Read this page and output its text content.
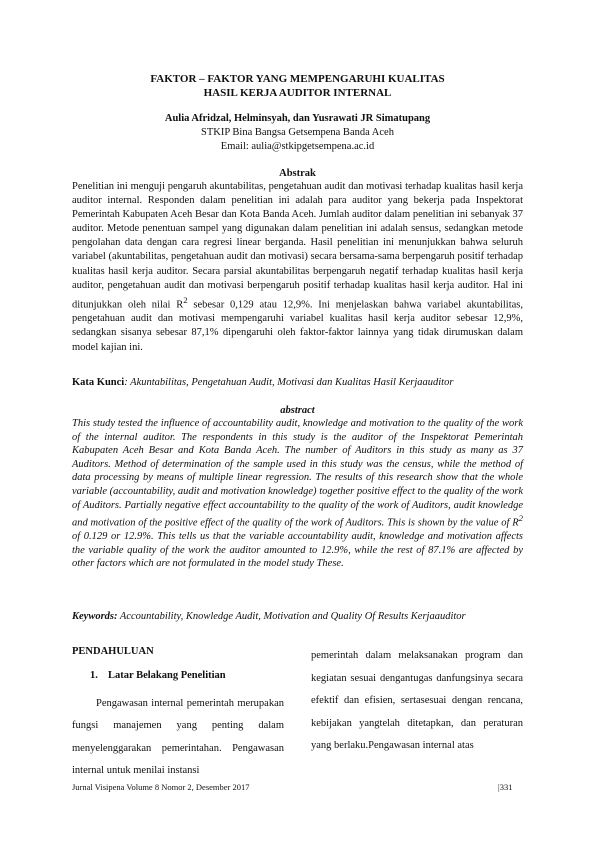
FAKTOR – FAKTOR YANG MEMPENGARUHI KUALITAS
HASIL KERJA AUDITOR INTERNAL
Aulia Afridzal, Helminsyah, dan Yusrawati JR Simatupang
STKIP Bina Bangsa Getsempena Banda Aceh
Email: aulia@stkipgetsempena.ac.id
Abstrak
Penelitian ini menguji pengaruh akuntabilitas, pengetahuan audit dan motivasi terhadap kualitas hasil kerja auditor internal. Responden dalam penelitian ini adalah para auditor yang bekerja pada Inspektorat Pemerintah Kabupaten Aceh Besar dan Kota Banda Aceh. Jumlah auditor dalam penelitian ini sebanyak 37 auditor. Metode penentuan sampel yang digunakan dalam penelitian ini adalah sensus, sedangkan metode pengolahan data dengan cara regresi linear berganda. Hasil penelitian ini menunjukkan bahwa seluruh variabel (akuntabilitas, pengetahuan audit dan motivasi) secara bersama-sama berpengaruh positif terhadap kualitas hasil kerja auditor. Secara parsial akuntabilitas berpengaruh negatif terhadap kualitas hasil kerja auditor, pengetahuan audit dan motivasi berpengaruh positif terhadap kualitas hasil kerja auditor. Hal ini ditunjukkan oleh nilai $R^2$ sebesar 0,129 atau 12,9%. Ini menjelaskan bahwa variabel akuntabilitas, pengetahuan audit dan motivasi mempengaruhi variabel kualitas hasil kerja auditor sebesar 12,9%, sedangkan sisanya sebesar 87,1% dipengaruhi oleh faktor-faktor lainnya yang tidak dirumuskan dalam model kajian ini.
Kata Kunci: Akuntabilitas, Pengetahuan Audit, Motivasi dan Kualitas Hasil Kerjaauditor
abstract
This study tested the influence of accountability audit, knowledge and motivation to the quality of the work of the internal auditor. The respondents in this study is the auditor of the Inspektorat Pemerintah Kabupaten Aceh Besar and Kota Banda Aceh. The number of Auditors in this study as many as 37 Auditors. Method of determination of the sample used in this study was the census, while the method of data processing by means of multiple linear regression. The results of this research show that the whole variable (accountability, audit and motivation knowledge) together positive effect to the quality of the work of Auditors. Partially negative effect accountability to the quality of the work of Auditors, audit knowledge and motivation of the positive effect of the quality of the work of Auditors. This is shown by the value of $R^2$ of 0.129 or 12.9%. This tells us that the variable accountability audit, knowledge and motivation affects the variable quality of the work the auditor amounted to 12.9%, while the rest of 87.1% are affected by other factors which are not formulated in the model study These.
Keywords: Accountability, Knowledge Audit, Motivation and Quality Of Results Kerjaauditor
PENDAHULUAN
1. Latar Belakang Penelitian
Pengawasan internal pemerintah merupakan fungsi manajemen yang penting dalam menyelenggarakan pemerintahan. Pengawasan internal untuk menilai instansi
pemerintah dalam melaksanakan program dan kegiatan sesuai dengantugas danfungsinya secara efektif dan efisien, sertasesuai dengan rencana, kebijakan yangtelah ditetapkan, dan peraturan yang berlaku.Pengawasan internal atas
Jurnal Visipena Volume 8 Nomor 2, Desember 2017	|331
